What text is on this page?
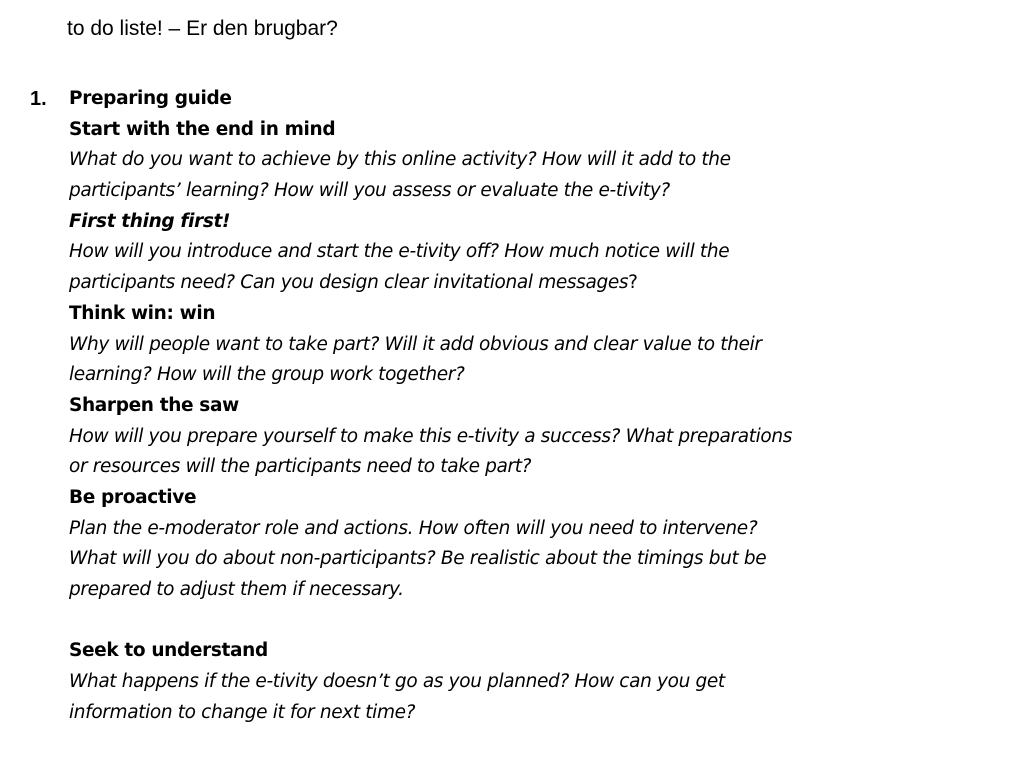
to do liste! – Er den brugbar?
1. Preparing guide
Start with the end in mind
What do you want to achieve by this online activity? How will it add to the
participants’ learning? How will you assess or evaluate the e-tivity?
First thing first!
How will you introduce and start the e-tivity off? How much notice will the
participants need? Can you design clear invitational messages?
Think win: win
Why will people want to take part? Will it add obvious and clear value to their
learning? How will the group work together?
Sharpen the saw
How will you prepare yourself to make this e-tivity a success? What preparations
or resources will the participants need to take part?
Be proactive
Plan the e-moderator role and actions. How often will you need to intervene?
What will you do about non-participants? Be realistic about the timings but be
prepared to adjust them if necessary.
Seek to understand
What happens if the e-tivity doesn’t go as you planned? How can you get
information to change it for next time?
